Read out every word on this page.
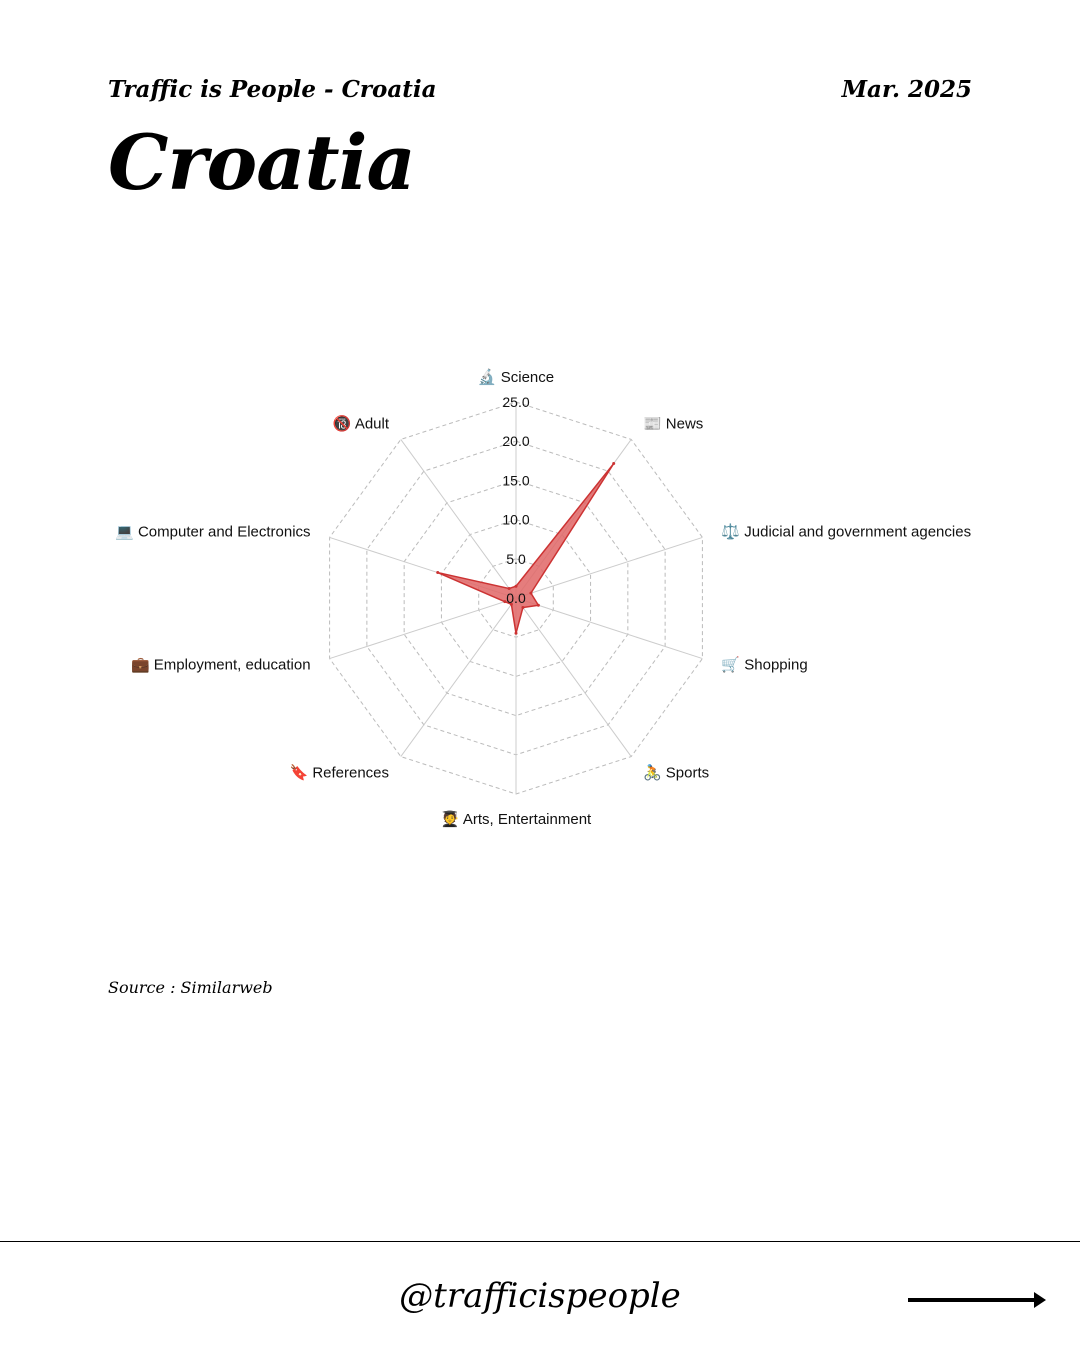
Traffic is People - Croatia	Mar. 2025
Croatia
0.0
5.0
10.0
15.0
20.0
25.0
🔬 Science
📰 News
⚖️ Judicial and government agencies
🛒 Shopping
🚴 Sports
🧑‍🎓 Arts, Entertainment
🔖 References
💼 Employment, education
💻 Computer and Electronics
🔞 Adult
Source : Similarweb
@trafficispeople
